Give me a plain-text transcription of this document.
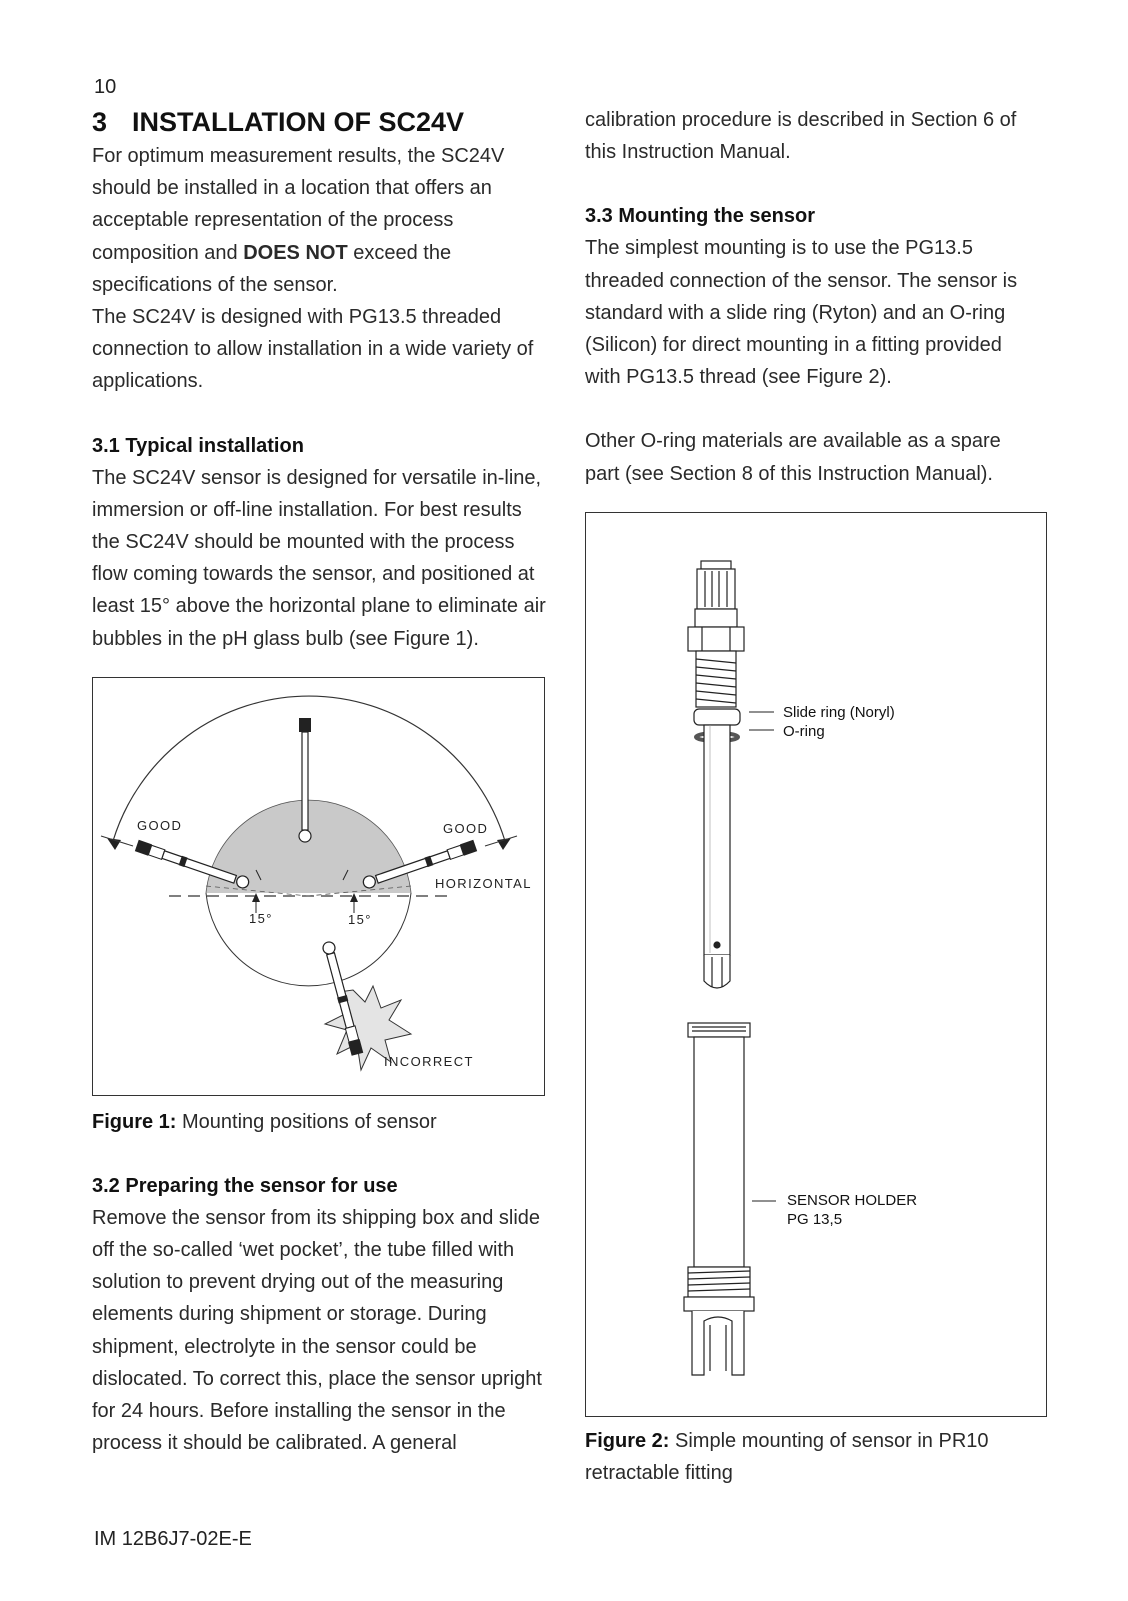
10
3 INSTALLATION OF SC24V

For optimum measurement results, the SC24V should be installed in a location that offers an acceptable representation of the process composition and DOES NOT exceed the specifications of the sensor.

The SC24V is designed with PG13.5 threaded connection to allow installation in a wide variety of applications.

3.1 Typical installation

The SC24V sensor is designed for versatile in-line, immersion or off-line installation. For best results the SC24V should be mounted with the process flow coming towards the sensor, and positioned at least 15° above the horizontal plane to eliminate air bubbles in the pH glass bulb (see Figure 1).

GOOD	GOOD
HORIZONTAL
15°	15°
INCORRECT

Figure 1: Mounting positions of sensor

3.2 Preparing the sensor for use

Remove the sensor from its shipping box and slide off the so-called ‘wet pocket’, the tube filled with solution to prevent drying out of the measuring elements during shipment or storage. During shipment, electrolyte in the sensor could be dislocated. To correct this, place the sensor upright for 24 hours. Before installing the sensor in the process it should be calibrated. A general

calibration procedure is described in Section 6 of this Instruction Manual.

3.3 Mounting the sensor

The simplest mounting is to use the PG13.5 threaded connection of the sensor. The sensor is standard with a slide ring (Ryton) and an O-ring (Silicon) for direct mounting in a fitting provided with PG13.5 thread (see Figure 2).

Other O-ring materials are available as a spare part (see Section 8 of this Instruction Manual).

Slide ring (Noryl)
O-ring
SENSOR HOLDER
PG 13,5

Figure 2: Simple mounting of sensor in PR10 retractable fitting

IM 12B6J7-02E-E
